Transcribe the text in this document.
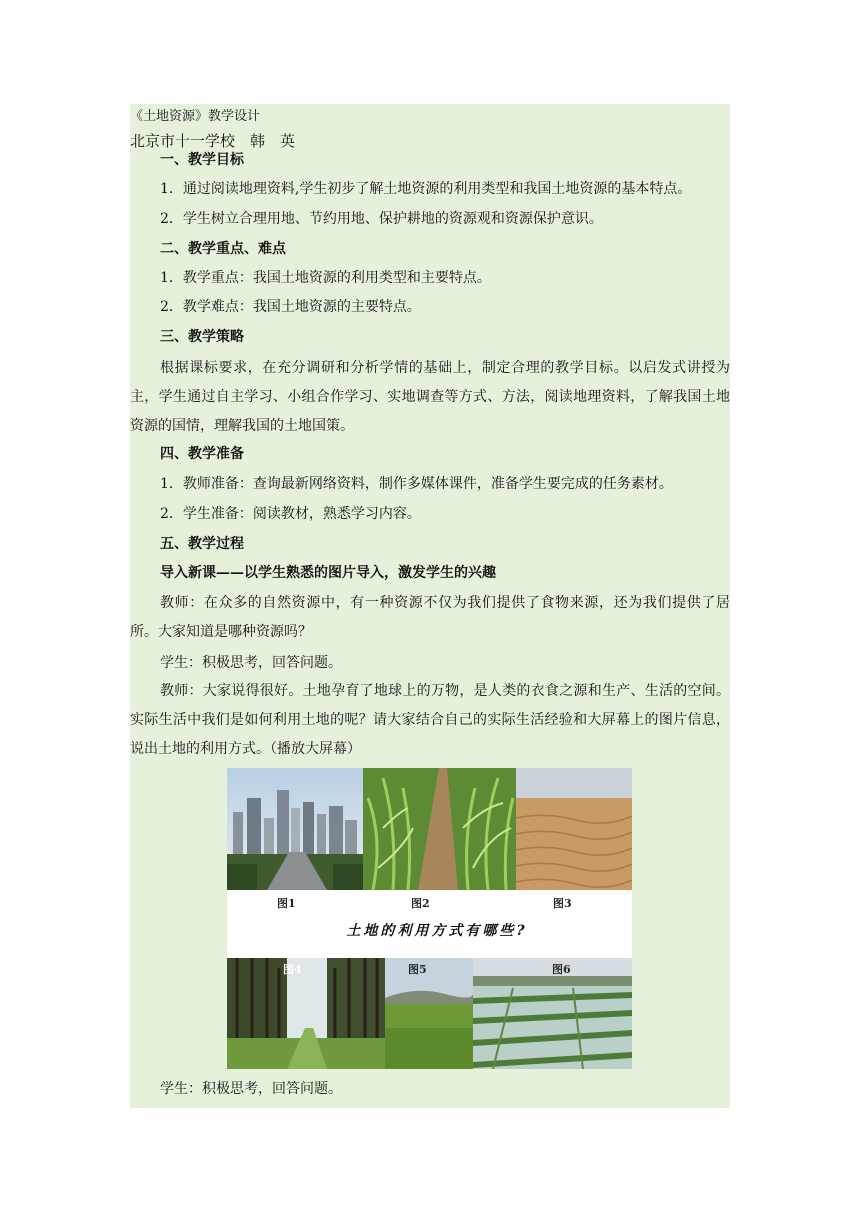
《土地资源》教学设计
北京市十一学校　韩　英
一、教学目标
1．通过阅读地理资料,学生初步了解土地资源的利用类型和我国土地资源的基本特点。
2．学生树立合理用地、节约用地、保护耕地的资源观和资源保护意识。
二、教学重点、难点
1．教学重点：我国土地资源的利用类型和主要特点。
2．教学难点：我国土地资源的主要特点。
三、教学策略
根据课标要求，在充分调研和分析学情的基础上，制定合理的教学目标。以启发式讲授为主，学生通过自主学习、小组合作学习、实地调查等方式、方法，阅读地理资料，了解我国土地资源的国情，理解我国的土地国策。
四、教学准备
1．教师准备：查询最新网络资料，制作多媒体课件，准备学生要完成的任务素材。
2．学生准备：阅读教材，熟悉学习内容。
五、教学过程
导入新课——以学生熟悉的图片导入，激发学生的兴趣
教师：在众多的自然资源中，有一种资源不仅为我们提供了食物来源，还为我们提供了居所。大家知道是哪种资源吗？
学生：积极思考，回答问题。
教师：大家说得很好。土地孕育了地球上的万物，是人类的衣食之源和生产、生活的空间。实际生活中我们是如何利用土地的呢？请大家结合自己的实际生活经验和大屏幕上的图片信息，说出土地的利用方式。（播放大屏幕）
图1	图2	图3
土地的利用方式有哪些?
图4	图5	图6
学生：积极思考，回答问题。
